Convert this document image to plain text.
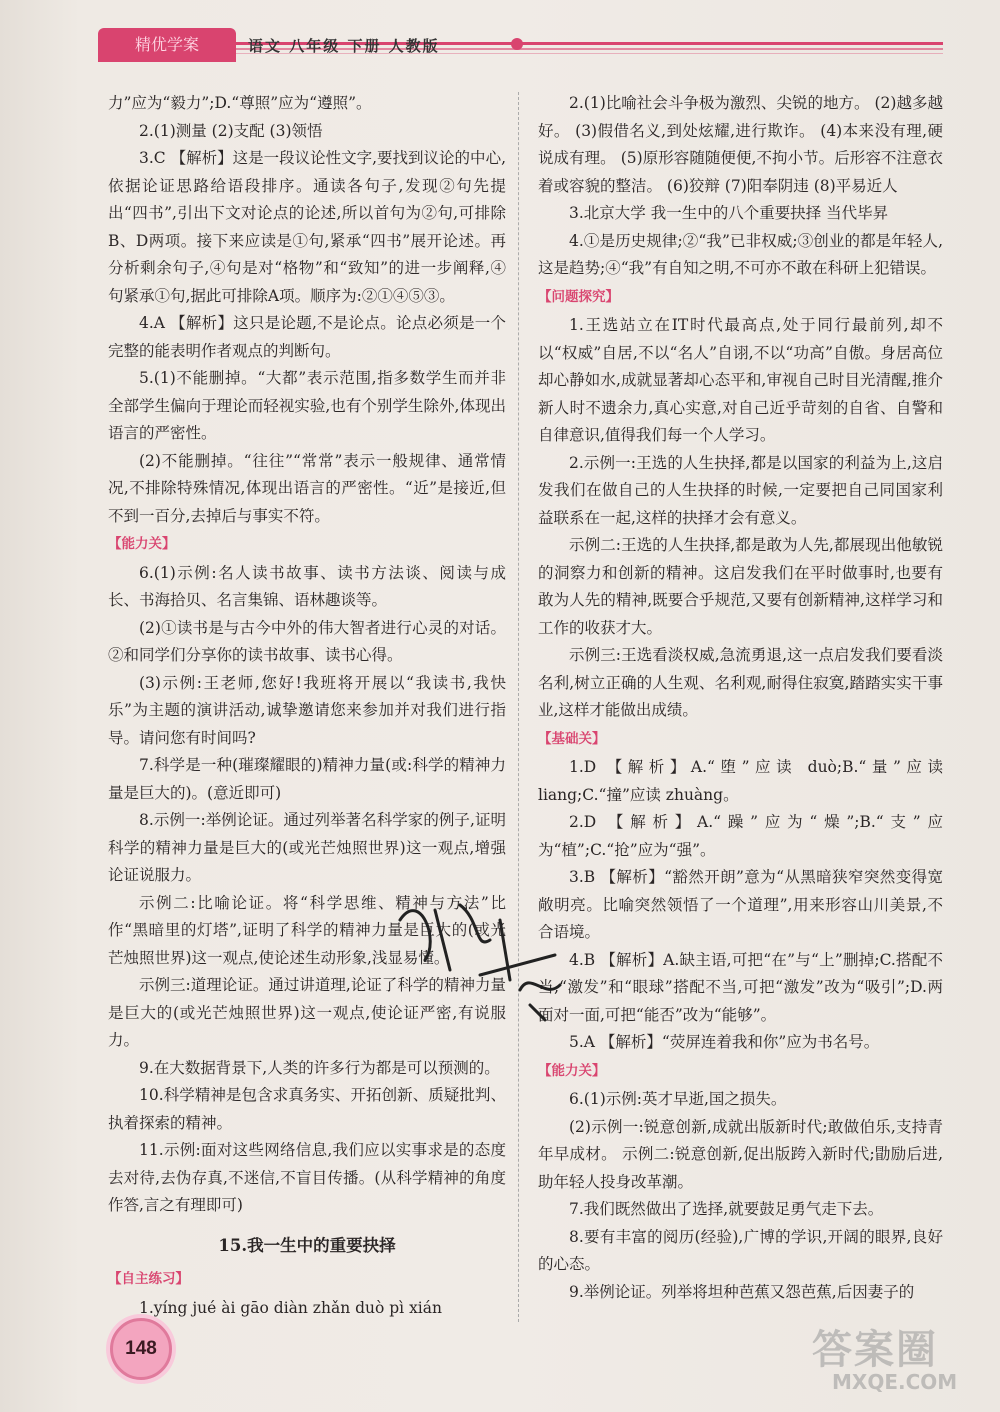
精优学案	语文 八年级 下册 人教版

力”应为“毅力”;D.“尊照”应为“遵照”。

2.(1)测量 (2)支配 (3)领悟

3.C 【解析】这是一段议论性文字,要找到议论的中心,依据论证思路给语段排序。通读各句子,发现②句先提出“四书”,引出下文对论点的论述,所以首句为②句,可排除B、D两项。接下来应读是①句,紧承“四书”展开论述。再分析剩余句子,④句是对“格物”和“致知”的进一步阐释,④句紧承①句,据此可排除A项。顺序为:②①④⑤③。

4.A 【解析】这只是论题,不是论点。论点必须是一个完整的能表明作者观点的判断句。

5.(1)不能删掉。“大都”表示范围,指多数学生而并非全部学生偏向于理论而轻视实验,也有个别学生除外,体现出语言的严密性。

(2)不能删掉。“往往”“常常”表示一般规律、通常情况,不排除特殊情况,体现出语言的严密性。“近”是接近,但不到一百分,去掉后与事实不符。

【能力关】

6.(1)示例:名人读书故事、读书方法谈、阅读与成长、书海拾贝、名言集锦、语林趣谈等。

(2)①读书是与古今中外的伟大智者进行心灵的对话。②和同学们分享你的读书故事、读书心得。

(3)示例:王老师,您好!我班将开展以“我读书,我快乐”为主题的演讲活动,诚挚邀请您来参加并对我们进行指导。请问您有时间吗?

7.科学是一种(璀璨耀眼的)精神力量(或:科学的精神力量是巨大的)。(意近即可)

8.示例一:举例论证。通过列举著名科学家的例子,证明科学的精神力量是巨大的(或光芒烛照世界)这一观点,增强论证说服力。

示例二:比喻论证。将“科学思维、精神与方法”比作“黑暗里的灯塔”,证明了科学的精神力量是巨大的(或光芒烛照世界)这一观点,使论述生动形象,浅显易懂。

示例三:道理论证。通过讲道理,论证了科学的精神力量是巨大的(或光芒烛照世界)这一观点,使论证严密,有说服力。

9.在大数据背景下,人类的许多行为都是可以预测的。

10.科学精神是包含求真务实、开拓创新、质疑批判、执着探索的精神。

11.示例:面对这些网络信息,我们应以实事求是的态度去对待,去伪存真,不迷信,不盲目传播。(从科学精神的角度作答,言之有理即可)

15.我一生中的重要抉择
【自主练习】

1.yíng jué ài gāo diàn zhǎn duò pì xián

2.(1)比喻社会斗争极为激烈、尖锐的地方。 (2)越多越好。 (3)假借名义,到处炫耀,进行欺诈。 (4)本来没有理,硬说成有理。 (5)原形容随随便便,不拘小节。后形容不注意衣着或容貌的整洁。 (6)狡辩 (7)阳奉阴违 (8)平易近人

3.北京大学 我一生中的八个重要抉择 当代毕昇

4.①是历史规律;②“我”已非权威;③创业的都是年轻人,这是趋势;④“我”有自知之明,不可亦不敢在科研上犯错误。

【问题探究】

1.王选站立在IT时代最高点,处于同行最前列,却不以“权威”自居,不以“名人”自诩,不以“功高”自傲。身居高位却心静如水,成就显著却心态平和,审视自己时目光清醒,推介新人时不遗余力,真心实意,对自己近乎苛刻的自省、自警和自律意识,值得我们每一个人学习。

2.示例一:王选的人生抉择,都是以国家的利益为上,这启发我们在做自己的人生抉择的时候,一定要把自己同国家利益联系在一起,这样的抉择才会有意义。

示例二:王选的人生抉择,都是敢为人先,都展现出他敏锐的洞察力和创新的精神。这启发我们在平时做事时,也要有敢为人先的精神,既要合乎规范,又要有创新精神,这样学习和工作的收获才大。

示例三:王选看淡权威,急流勇退,这一点启发我们要看淡名利,树立正确的人生观、名利观,耐得住寂寞,踏踏实实干事业,这样才能做出成绩。

【基础关】

1.D 【解析】A.“堕”应读 duò;B.“量”应读 liang;C.“撞”应读 zhuàng。

2.D 【解析】A.“躁”应为“燥”;B.“支”应为“植”;C.“抢”应为“强”。

3.B 【解析】“豁然开朗”意为“从黑暗狭窄突然变得宽敞明亮。比喻突然领悟了一个道理”,用来形容山川美景,不合语境。

4.B 【解析】A.缺主语,可把“在”与“上”删掉;C.搭配不当,“激发”和“眼球”搭配不当,可把“激发”改为“吸引”;D.两面对一面,可把“能否”改为“能够”。

5.A 【解析】“荧屏连着我和你”应为书名号。

【能力关】

6.(1)示例:英才早逝,国之损失。

(2)示例一:锐意创新,成就出版新时代;敢做伯乐,支持青年早成材。 示例二:锐意创新,促出版跨入新时代;勖励后进,助年轻人投身改革潮。

7.我们既然做出了选择,就要鼓足勇气走下去。

8.要有丰富的阅历(经验),广博的学识,开阔的眼界,良好的心态。

9.举例论证。列举将坦种芭蕉又怨芭蕉,后因妻子的

148	答案圈
MXQE.COM
